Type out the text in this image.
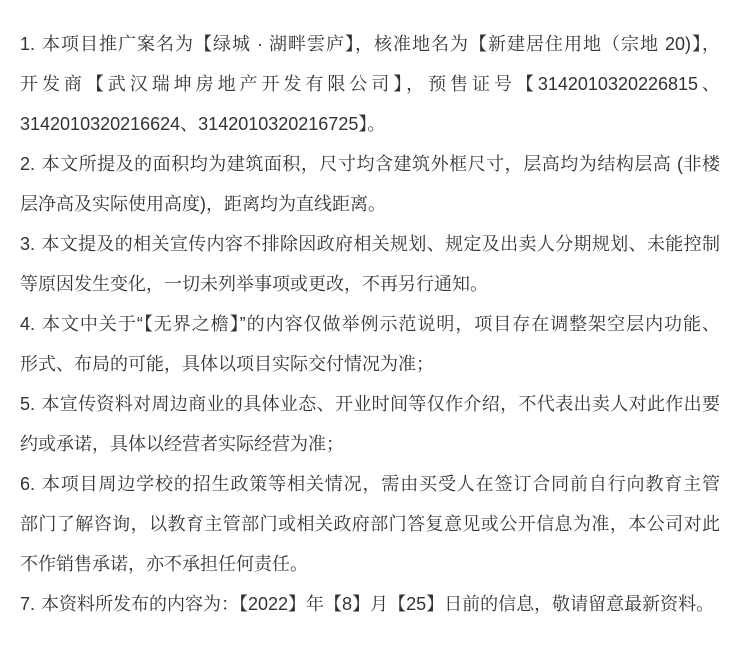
1. 本项目推广案名为【绿城 · 湖畔雲庐】，核准地名为【新建居住用地（宗地 20)】，
开发商【武汉瑞坤房地产开发有限公司】，预售证号【3142010320226815、
3142010320216624、3142010320216725】。
2. 本文所提及的面积均为建筑面积，尺寸均含建筑外框尺寸，层高均为结构层高 (非楼
层净高及实际使用高度)，距离均为直线距离。
3. 本文提及的相关宣传内容不排除因政府相关规划、规定及出卖人分期规划、未能控制
等原因发生变化，一切未列举事项或更改，不再另行通知。
4. 本文中关于“【无界之檐】”的内容仅做举例示范说明，项目存在调整架空层内功能、
形式、布局的可能，具体以项目实际交付情况为准；
5. 本宣传资料对周边商业的具体业态、开业时间等仅作介绍，不代表出卖人对此作出要
约或承诺，具体以经营者实际经营为准；
6. 本项目周边学校的招生政策等相关情况，需由买受人在签订合同前自行向教育主管
部门了解咨询，以教育主管部门或相关政府部门答复意见或公开信息为准，本公司对此
不作销售承诺，亦不承担任何责任。
7. 本资料所发布的内容为：【2022】年【8】月【25】日前的信息，敬请留意最新资料。
